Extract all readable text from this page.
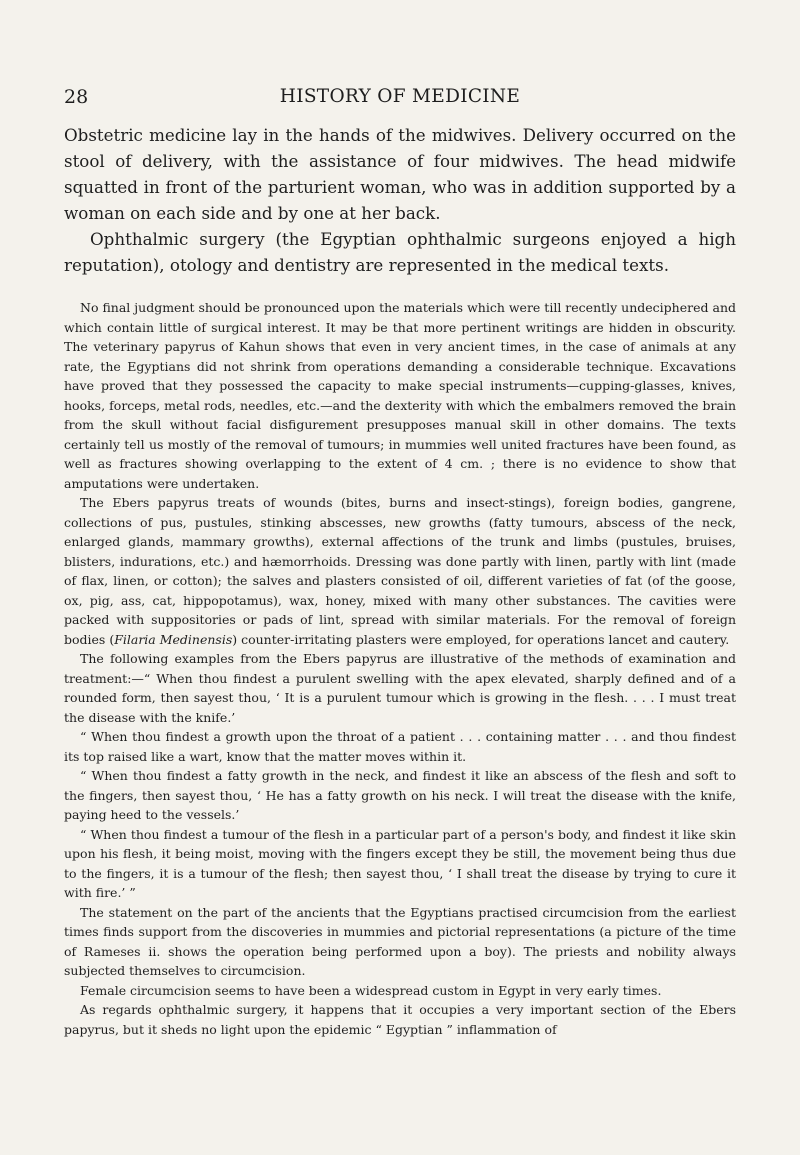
28	HISTORY OF MEDICINE

Obstetric medicine lay in the hands of the midwives. Delivery occurred on the stool of delivery, with the assistance of four midwives. The head midwife squatted in front of the parturient woman, who was in addition supported by a woman on each side and by one at her back.

Ophthalmic surgery (the Egyptian ophthalmic surgeons enjoyed a high reputation), otology and dentistry are represented in the medical texts.

No final judgment should be pronounced upon the materials which were till recently undeciphered and which contain little of surgical interest. It may be that more pertinent writings are hidden in obscurity. The veterinary papyrus of Kahun shows that even in very ancient times, in the case of animals at any rate, the Egyptians did not shrink from operations demanding a considerable technique. Excavations have proved that they possessed the capacity to make special instruments—cupping-glasses, knives, hooks, forceps, metal rods, needles, etc.—and the dexterity with which the embalmers removed the brain from the skull without facial disfigurement presupposes manual skill in other domains. The texts certainly tell us mostly of the removal of tumours; in mummies well united fractures have been found, as well as fractures showing overlapping to the extent of 4 cm. ; there is no evidence to show that amputations were undertaken.

The Ebers papyrus treats of wounds (bites, burns and insect-stings), foreign bodies, gangrene, collections of pus, pustules, stinking abscesses, new growths (fatty tumours, abscess of the neck, enlarged glands, mammary growths), external affections of the trunk and limbs (pustules, bruises, blisters, indurations, etc.) and hæmorrhoids. Dressing was done partly with linen, partly with lint (made of flax, linen, or cotton); the salves and plasters consisted of oil, different varieties of fat (of the goose, ox, pig, ass, cat, hippopotamus), wax, honey, mixed with many other substances. The cavities were packed with suppositories or pads of lint, spread with similar materials. For the removal of foreign bodies (Filaria Medinensis) counter-irritating plasters were employed, for operations lancet and cautery.

The following examples from the Ebers papyrus are illustrative of the methods of examination and treatment:—“ When thou findest a purulent swelling with the apex elevated, sharply defined and of a rounded form, then sayest thou, ‘ It is a purulent tumour which is growing in the flesh. . . . I must treat the disease with the knife.’

“ When thou findest a growth upon the throat of a patient . . . containing matter . . . and thou findest its top raised like a wart, know that the matter moves within it.

“ When thou findest a fatty growth in the neck, and findest it like an abscess of the flesh and soft to the fingers, then sayest thou, ‘ He has a fatty growth on his neck. I will treat the disease with the knife, paying heed to the vessels.’

“ When thou findest a tumour of the flesh in a particular part of a person's body, and findest it like skin upon his flesh, it being moist, moving with the fingers except they be still, the movement being thus due to the fingers, it is a tumour of the flesh; then sayest thou, ‘ I shall treat the disease by trying to cure it with fire.’ ”

The statement on the part of the ancients that the Egyptians practised circumcision from the earliest times finds support from the discoveries in mummies and pictorial representations (a picture of the time of Rameses ii. shows the operation being performed upon a boy). The priests and nobility always subjected themselves to circumcision.

Female circumcision seems to have been a widespread custom in Egypt in very early times.

As regards ophthalmic surgery, it happens that it occupies a very important section of the Ebers papyrus, but it sheds no light upon the epidemic “ Egyptian ” inflammation of
